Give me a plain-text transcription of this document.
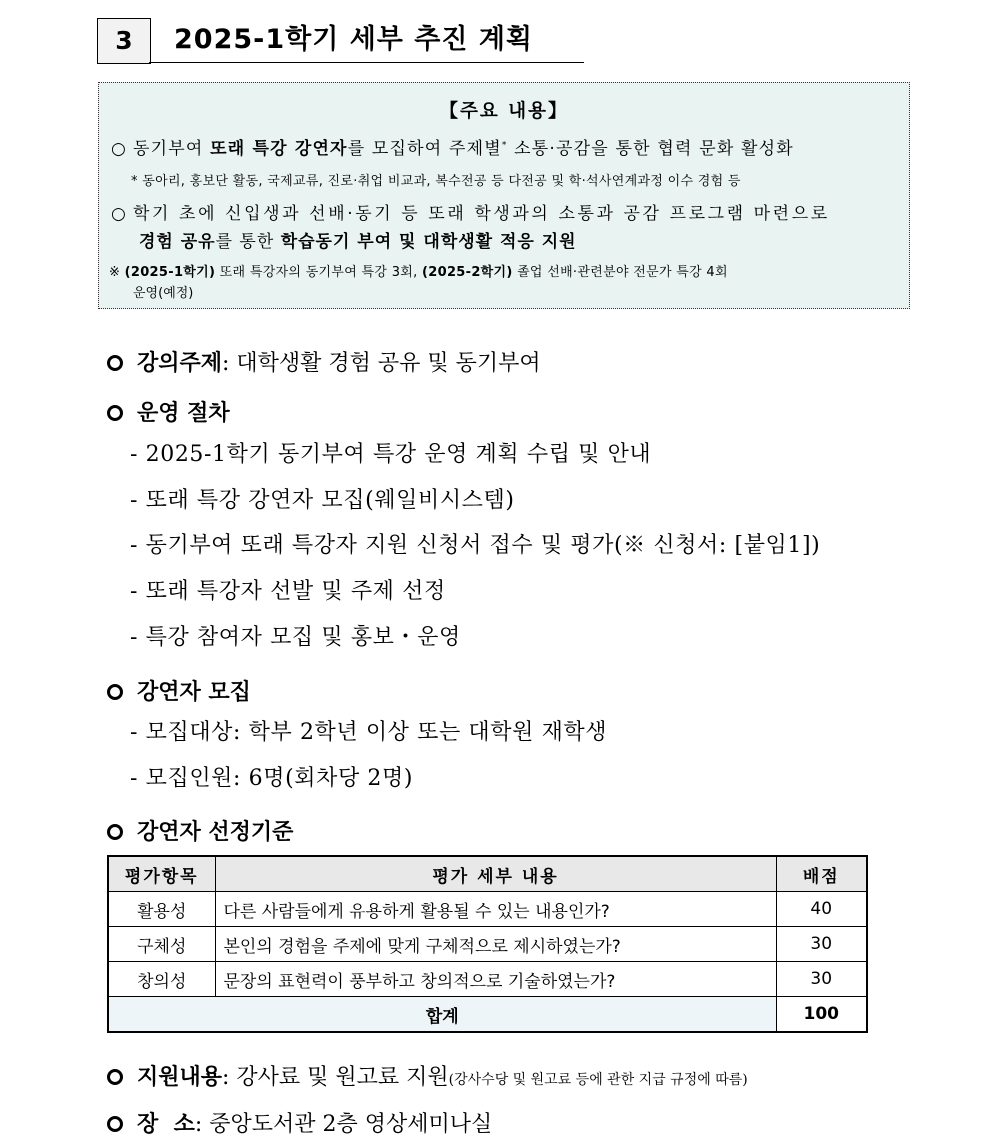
3	2025-1학기 세부 추진 계획
【주요 내용】
○ 동기부여 또래 특강 강연자를 모집하여 주제별* 소통·공감을 통한 협력 문화 활성화
* 동아리, 홍보단 활동, 국제교류, 진로·취업 비교과, 복수전공 등 다전공 및 학·석사연계과정 이수 경험 등
○ 학기 초에 신입생과 선배·동기 등 또래 학생과의 소통과 공감 프로그램 마련으로
경험 공유를 통한 학습동기 부여 및 대학생활 적응 지원
※ (2025-1학기) 또래 특강자의 동기부여 특강 3회, (2025-2학기) 졸업 선배·관련분야 전문가 특강 4회
운영(예정)
강의주제: 대학생활 경험 공유 및 동기부여
운영 절차
- 2025-1학기 동기부여 특강 운영 계획 수립 및 안내
- 또래 특강 강연자 모집(웨일비시스템)
- 동기부여 또래 특강자 지원 신청서 접수 및 평가(※ 신청서: [붙임1])
- 또래 특강자 선발 및 주제 선정
- 특강 참여자 모집 및 홍보・운영
강연자 모집
- 모집대상: 학부 2학년 이상 또는 대학원 재학생
- 모집인원: 6명(회차당 2명)
강연자 선정기준
평가항목	평가 세부 내용	배점
활용성	다른 사람들에게 유용하게 활용될 수 있는 내용인가?	40
구체성	본인의 경험을 주제에 맞게 구체적으로 제시하였는가?	30
창의성	문장의 표현력이 풍부하고 창의적으로 기술하였는가?	30
합계		100
지원내용: 강사료 및 원고료 지원(강사수당 및 원고료 등에 관한 지급 규정에 따름)
장  소: 중앙도서관 2층 영상세미나실
